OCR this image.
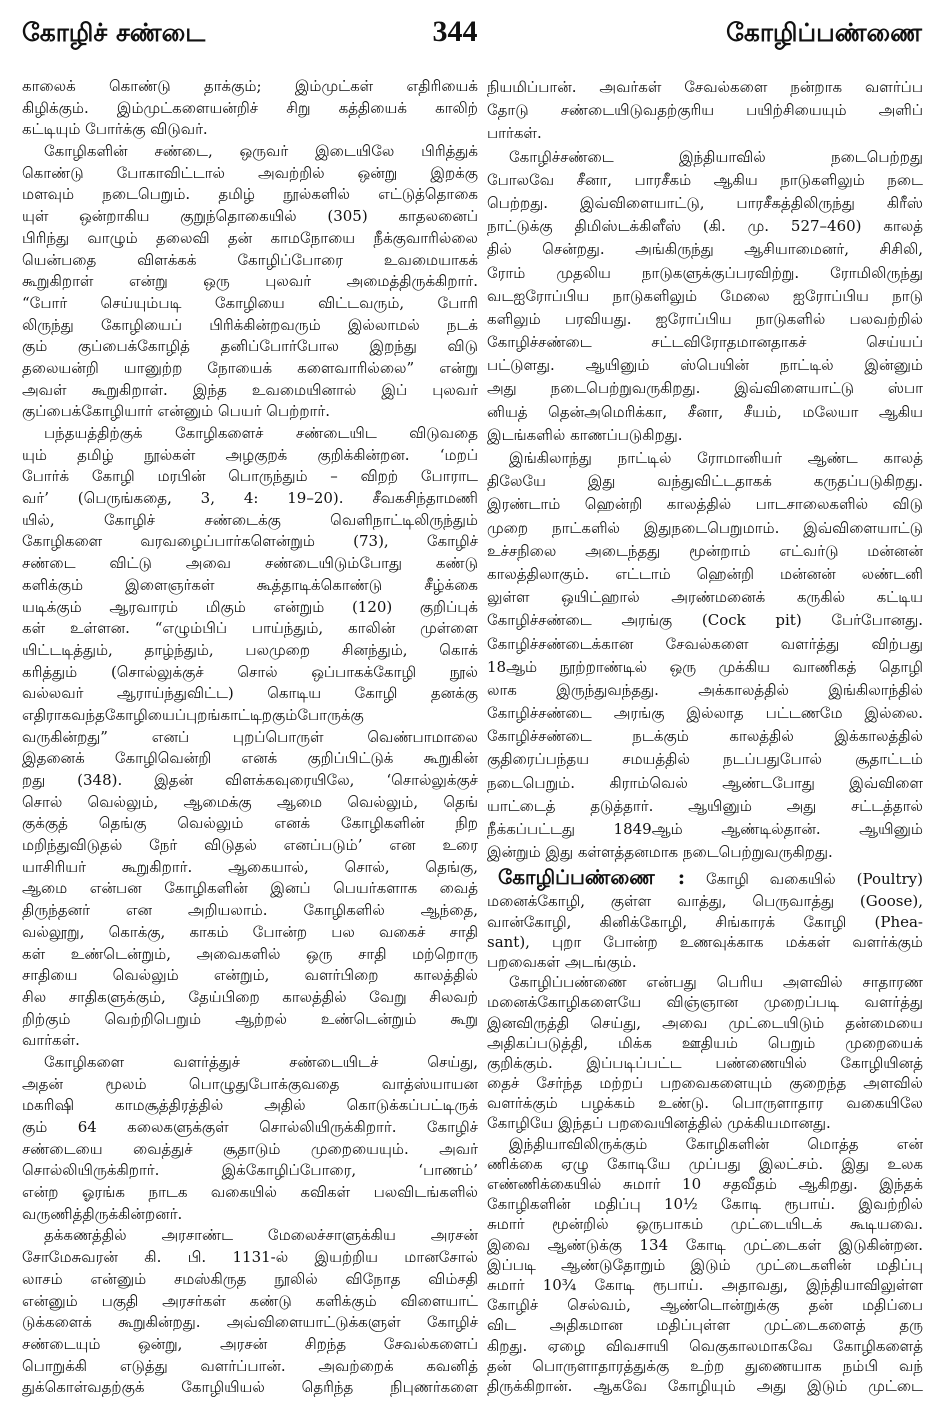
கோழிச் சண்டை	344	கோழிப்பண்ணை
காலைக் கொண்டு தாக்கும்; இம்முட்கள் எதிரியைக்
கிழிக்கும். இம்முட்களையன்றிச் சிறு கத்தியைக் காலிற்
கட்டியும் போர்க்கு விடுவர்.
கோழிகளின் சண்டை, ஒருவர் இடையிலே பிரித்துக்
கொண்டு போகாவிட்டால் அவற்றில் ஒன்று இறக்கு
மளவும் நடைபெறும். தமிழ் நூல்களில் எட்டுத்தொகை
யுள் ஒன்றாகிய குறுந்தொகையில் (305) காதலனைப்
பிரிந்து வாழும் தலைவி தன் காமநோயை நீக்குவாரில்லை
யென்பதை விளக்கக் கோழிப்போரை உவமையாகக்
கூறுகிறாள் என்று ஒரு புலவர் அமைத்திருக்கிறார்.
“போர் செய்யும்படி கோழியை விட்டவரும், போரி
லிருந்து கோழியைப் பிரிக்கின்றவரும் இல்லாமல் நடக்
கும் குப்பைக்கோழித் தனிப்போர்போல இறந்து விடு
தலையன்றி யானுற்ற நோயைக் களைவாரில்லை” என்று
அவள் கூறுகிறாள். இந்த உவமையினால் இப் புலவர்
குப்பைக்கோழியார் என்னும் பெயர் பெற்றார்.
பந்தயத்திற்குக் கோழிகளைச் சண்டையிட விடுவதை
யும் தமிழ் நூல்கள் அழகுறக் குறிக்கின்றன. ‘மறப்
போர்க் கோழி மரபின் பொருந்தும் – விறற் போராட
வர்’ (பெருங்கதை, 3, 4: 19–20). சீவகசிந்தாமணி
யில், கோழிச் சண்டைக்கு வெளிநாட்டிலிருந்தும்
கோழிகளை வரவழைப்பார்களென்றும் (73), கோழிச்
சண்டை விட்டு அவை சண்டையிடும்போது கண்டு
களிக்கும் இளைஞர்கள் கூத்தாடிக்கொண்டு சீழ்க்கை
யடிக்கும் ஆரவாரம் மிகும் என்றும் (120) குறிப்புக்
கள் உள்ளன. “எழும்பிப் பாய்ந்தும், காலின் முள்ளை
யிட்டடித்தும், தாழ்ந்தும், பலமுறை சினந்தும், கொக்
கரித்தும் (சொல்லுக்குச் சொல் ஒப்பாகக்கோழி நூல்
வல்லவர் ஆராய்ந்துவிட்ட) கொடிய கோழி தனக்கு
எதிராகவந்தகோழியைப்புறங்காட்டிறகும்போருக்கு
வருகின்றது” எனப் புறப்பொருள் வெண்பாமாலை
இதனைக் கோழிவென்றி எனக் குறிப்பிட்டுக் கூறுகின்
றது (348). இதன் விளக்கவுரையிலே, ‘சொல்லுக்குச்
சொல் வெல்லும், ஆமைக்கு ஆமை வெல்லும், தெங்
குக்குத் தெங்கு வெல்லும் எனக் கோழிகளின் நிற
மறிந்துவிடுதல் நேர் விடுதல் எனப்படும்’ என உரை
யாசிரியர் கூறுகிறார். ஆகையால், சொல், தெங்கு,
ஆமை என்பன கோழிகளின் இனப் பெயர்களாக வைத்
திருந்தனர் என அறியலாம். கோழிகளில் ஆந்தை,
வல்லூறு, கொக்கு, காகம் போன்ற பல வகைச் சாதி
கள் உண்டென்றும், அவைகளில் ஒரு சாதி மற்றொரு
சாதியை வெல்லும் என்றும், வளர்பிறை காலத்தில்
சில சாதிகளுக்கும், தேய்பிறை காலத்தில் வேறு சிலவற்
றிற்கும் வெற்றிபெறும் ஆற்றல் உண்டென்றும் கூறு
வார்கள்.
கோழிகளை வளர்த்துச் சண்டையிடச் செய்து,
அதன் மூலம் பொழுதுபோக்குவதை வாத்ஸ்யாயன
மகரிஷி காமசூத்திரத்தில் அதில் கொடுக்கப்பட்டிருக்
கும் 64 கலைகளுக்குள் சொல்லியிருக்கிறார். கோழிச்
சண்டையை வைத்துச் சூதாடும் முறையையும். அவர்
சொல்லியிருக்கிறார். இக்கோழிப்போரை, ‘பாணம்’
என்ற ஓரங்க நாடக வகையில் கவிகள் பலவிடங்களில்
வருணித்திருக்கின்றனர்.
தக்கணத்தில் அரசாண்ட மேலைச்சாளுக்கிய அரசன்
சோமேசுவரன் கி. பி. 1131-ல் இயற்றிய மானசோல்
லாசம் என்னும் சமஸ்கிருத நூலில் விநோத விம்சதி
என்னும் பகுதி அரசர்கள் கண்டு களிக்கும் விளையாட்
டுக்களைக் கூறுகின்றது. அவ்விளையாட்டுக்களுள் கோழிச்
சண்டையும் ஒன்று, அரசன் சிறந்த சேவல்களைப்
பொறுக்கி எடுத்து வளர்ப்பான். அவற்றைக் கவனித்
துக்கொள்வதற்குக் கோழியியல் தெரிந்த நிபுணர்களை
நியமிப்பான். அவர்கள் சேவல்களை நன்றாக வளர்ப்ப
தோடு சண்டையிடுவதற்குரிய பயிற்சியையும் அளிப்
பார்கள்.
கோழிச்சண்டை இந்தியாவில் நடைபெற்றது
போலவே சீனா, பாரசீகம் ஆகிய நாடுகளிலும் நடை
பெற்றது. இவ்விளையாட்டு, பாரசீகத்திலிருந்து கிரீஸ்
நாட்டுக்கு திமிஸ்டக்கிளீஸ் (கி. மு. 527–460) காலத்
தில் சென்றது. அங்கிருந்து ஆசியாமைனர், சிசிலி,
ரோம் முதலிய நாடுகளுக்குப்பரவிற்று. ரோமிலிருந்து
வடஐரோப்பிய நாடுகளிலும் மேலை ஐரோப்பிய நாடு
களிலும் பரவியது. ஐரோப்பிய நாடுகளில் பலவற்றில்
கோழிச்சண்டை சட்டவிரோதமானதாகச் செய்யப்
பட்டுளது. ஆயினும் ஸ்பெயின் நாட்டில் இன்னும்
அது நடைபெற்றுவருகிறது. இவ்விளையாட்டு ஸ்பா
னியத் தென்அமெரிக்கா, சீனா, சீயம், மலேயா ஆகிய
இடங்களில் காணப்படுகிறது.
இங்கிலாந்து நாட்டில் ரோமானியர் ஆண்ட காலத்
திலேயே இது வந்துவிட்டதாகக் கருதப்படுகிறது.
இரண்டாம் ஹென்றி காலத்தில் பாடசாலைகளில் விடு
முறை நாட்களில் இதுநடைபெறுமாம். இவ்விளையாட்டு
உச்சநிலை அடைந்தது மூன்றாம் எட்வர்டு மன்னன்
காலத்திலாகும். எட்டாம் ஹென்றி மன்னன் லண்டனி
லுள்ள ஒயிட்ஹால் அரண்மனைக் கருகில் கட்டிய
கோழிச்சண்டை அரங்கு (Cock pit) பேர்போனது.
கோழிச்சண்டைக்கான சேவல்களை வளர்த்து விற்பது
18ஆம் நூற்றாண்டில் ஒரு முக்கிய வாணிகத் தொழி
லாக இருந்துவந்தது. அக்காலத்தில் இங்கிலாந்தில்
கோழிச்சண்டை அரங்கு இல்லாத பட்டணமே இல்லை.
கோழிச்சண்டை நடக்கும் காலத்தில் இக்காலத்தில்
குதிரைப்பந்தய சமயத்தில் நடப்பதுபோல் சூதாட்டம்
நடைபெறும். கிராம்வெல் ஆண்டபோது இவ்விளை
யாட்டைத் தடுத்தார். ஆயினும் அது சட்டத்தால்
நீக்கப்பட்டது 1849ஆம் ஆண்டில்தான். ஆயினும்
இன்றும் இது கள்ளத்தனமாக நடைபெற்றுவருகிறது.
கோழிப்பண்ணை : கோழி வகையில் (Poultry)
மனைக்கோழி, குள்ள வாத்து, பெருவாத்து (Goose),
வான்கோழி, கினிக்கோழி, சிங்காரக் கோழி (Phea-
sant), புறா போன்ற உணவுக்காக மக்கள் வளர்க்கும்
பறவைகள் அடங்கும்.
கோழிப்பண்ணை என்பது பெரிய அளவில் சாதாரண
மனைக்கோழிகளையே விஞ்ஞான முறைப்படி வளர்த்து
இனவிருத்தி செய்து, அவை முட்டையிடும் தன்மையை
அதிகப்படுத்தி, மிக்க ஊதியம் பெறும் முறையைக்
குறிக்கும். இப்படிப்பட்ட பண்ணையில் கோழியினத்
தைச் சேர்ந்த மற்றப் பறவைகளையும் குறைந்த அளவில்
வளர்க்கும் பழக்கம் உண்டு. பொருளாதார வகையிலே
கோழியே இந்தப் பறவையினத்தில் முக்கியமானது.
இந்தியாவிலிருக்கும் கோழிகளின் மொத்த என்
ணிக்கை ஏழு கோடியே முப்பது இலட்சம். இது உலக
எண்ணிக்கையில் சுமார் 10 சதவீதம் ஆகிறது. இந்தக்
கோழிகளின் மதிப்பு 10½ கோடி ரூபாய். இவற்றில்
சுமார் மூன்றில் ஒருபாகம் முட்டையிடக் கூடியவை.
இவை ஆண்டுக்கு 134 கோடி முட்டைகள் இடுகின்றன.
இப்படி ஆண்டுதோறும் இடும் முட்டைகளின் மதிப்பு
சுமார் 10¾ கோடி ரூபாய். அதாவது, இந்தியாவிலுள்ள
கோழிச் செல்வம், ஆண்டொன்றுக்கு தன் மதிப்பை
விட அதிகமான மதிப்புள்ள முட்டைகளைத் தரு
கிறது. ஏழை விவசாயி வெகுகாலமாகவே கோழிகளைத்
தன் பொருளாதாரத்துக்கு உற்ற துணையாக நம்பி வந்
திருக்கிறான். ஆகவே கோழியும் அது இடும் முட்டை
